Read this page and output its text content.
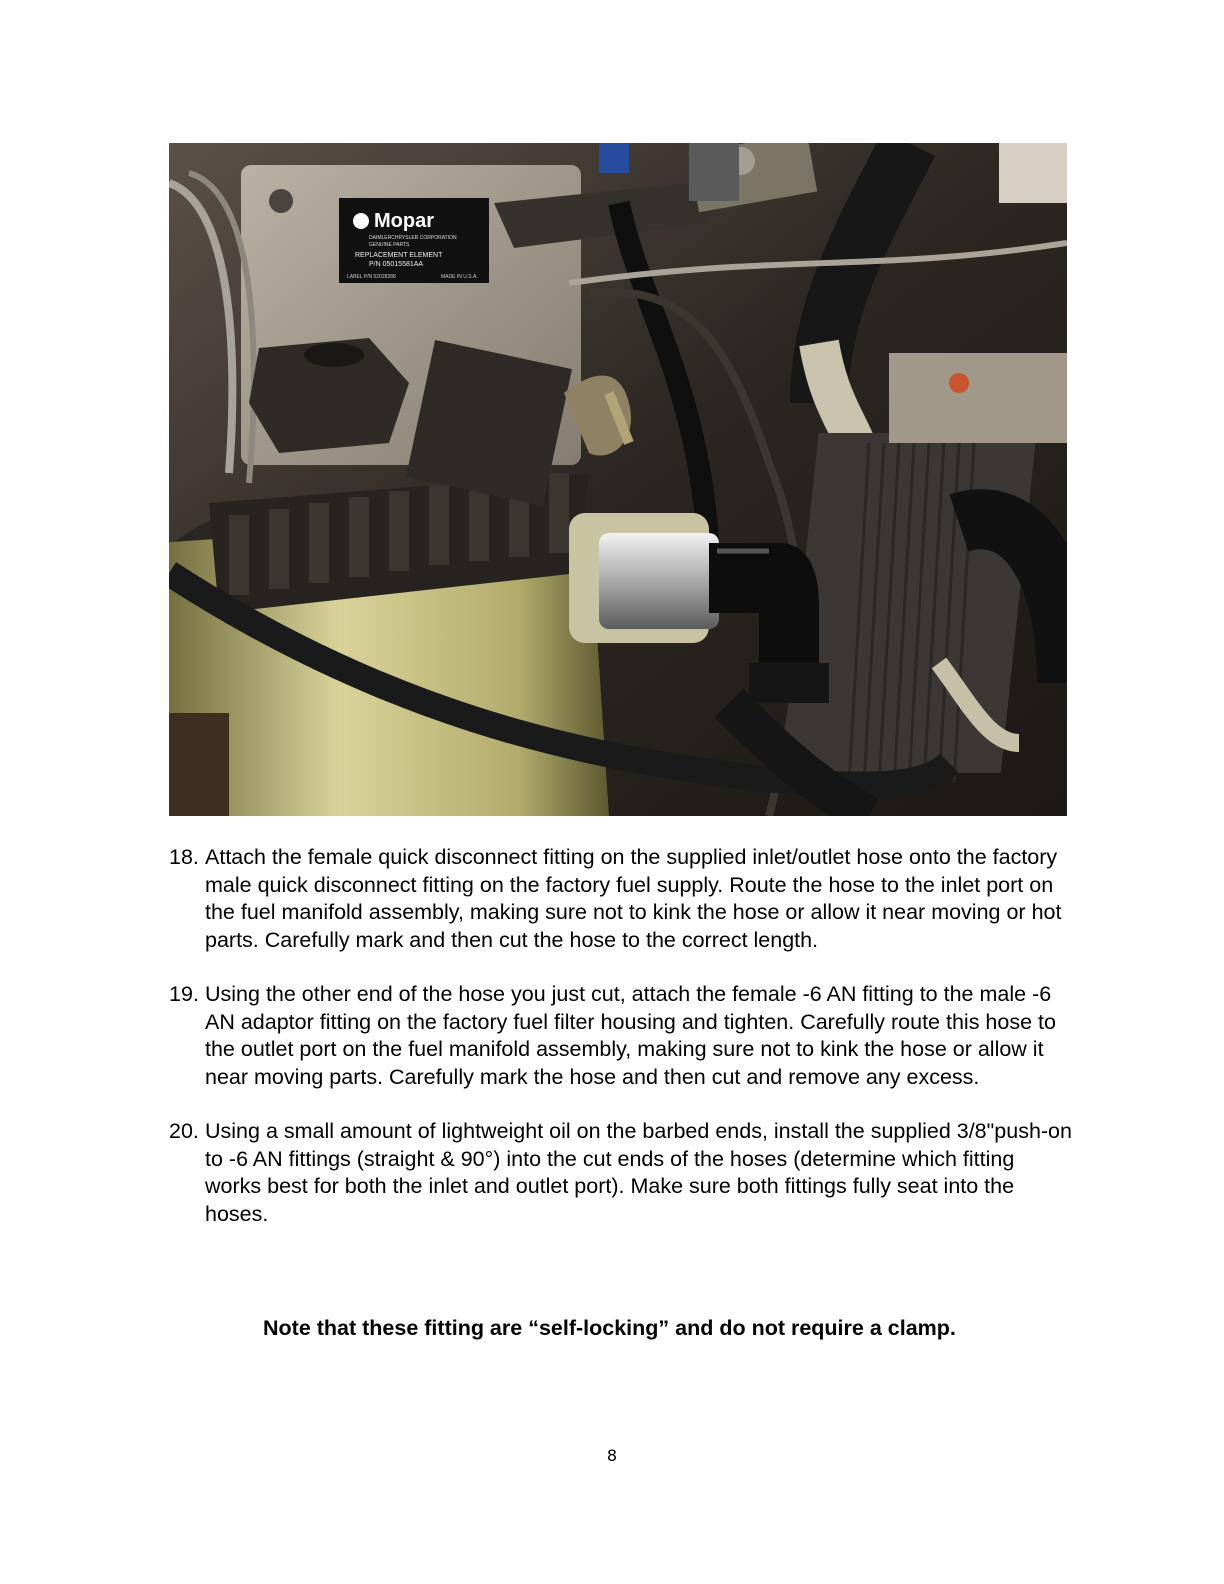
Mopar
DAIMLERCHRYSLER CORPORATION
GENUINE PARTS
REPLACEMENT ELEMENT
P/N 05015581AA
LABEL P/N 52028288	MADE IN U.S.A.
18. Attach the female quick disconnect fitting on the supplied inlet/outlet hose onto the factory male quick disconnect fitting on the factory fuel supply. Route the hose to the inlet port on the fuel manifold assembly, making sure not to kink the hose or allow it near moving or hot parts. Carefully mark and then cut the hose to the correct length.
19. Using the other end of the hose you just cut, attach the female -6 AN fitting to the male -6 AN adaptor fitting on the factory fuel filter housing and tighten. Carefully route this hose to the outlet port on the fuel manifold assembly, making sure not to kink the hose or allow it near moving parts. Carefully mark the hose and then cut and remove any excess.
20. Using a small amount of lightweight oil on the barbed ends, install the supplied 3/8"push-on to -6 AN fittings (straight & 90°) into the cut ends of the hoses (determine which fitting works best for both the inlet and outlet port). Make sure both fittings fully seat into the hoses.
Note that these fitting are “self-locking” and do not require a clamp.
8
